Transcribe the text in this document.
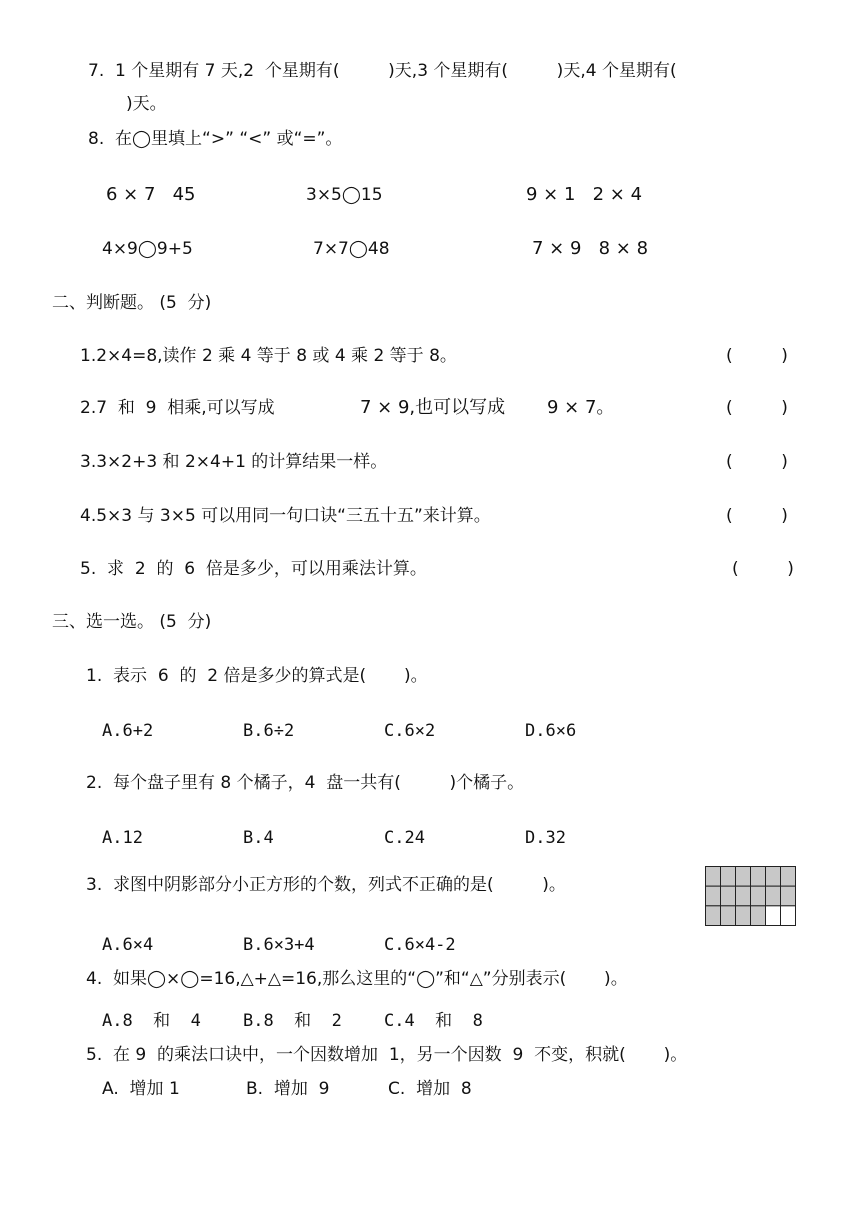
7.  1 个星期有 7 天,2  个星期有(         )天,3 个星期有(         )天,4 个星期有(
)天。
8.  在◯里填上“>” “<” 或“=”。
6 × 7   45	3×5◯15	9 × 1   2 × 4
4×9◯9+5	7×7◯48	7 × 9   8 × 8
二、判断题。 (5  分)
1.2×4=8,读作 2 乘 4 等于 8 或 4 乘 2 等于 8。	(         )
2.7  和  9  相乘,可以写成	7 × 9,也可以写成 9 × 7。	(         )
3.3×2+3 和 2×4+1 的计算结果一样。	(         )
4.5×3 与 3×5 可以用同一句口诀“三五十五”来计算。	(         )
5.  求  2  的  6  倍是多少，可以用乘法计算。	(         )
三、选一选。 (5  分)
1.  表示  6  的  2 倍是多少的算式是(       )。
A.6+2	B.6÷2	C.6×2	D.6×6
2.  每个盘子里有 8 个橘子，4  盘一共有(         )个橘子。
A.12	B.4	C.24	D.32
3.  求图中阴影部分小正方形的个数，列式不正确的是(         )。
A.6×4	B.6×3+4	C.6×4-2
4.  如果◯×◯=16,△+△=16,那么这里的“◯”和“△”分别表示(       )。
A.8  和  4 B.8  和  2 C.4  和  8
5.  在 9  的乘法口诀中，一个因数增加  1，另一个因数  9  不变，积就(       )。
A.  增加 1	B.  增加  9	C.  增加  8
